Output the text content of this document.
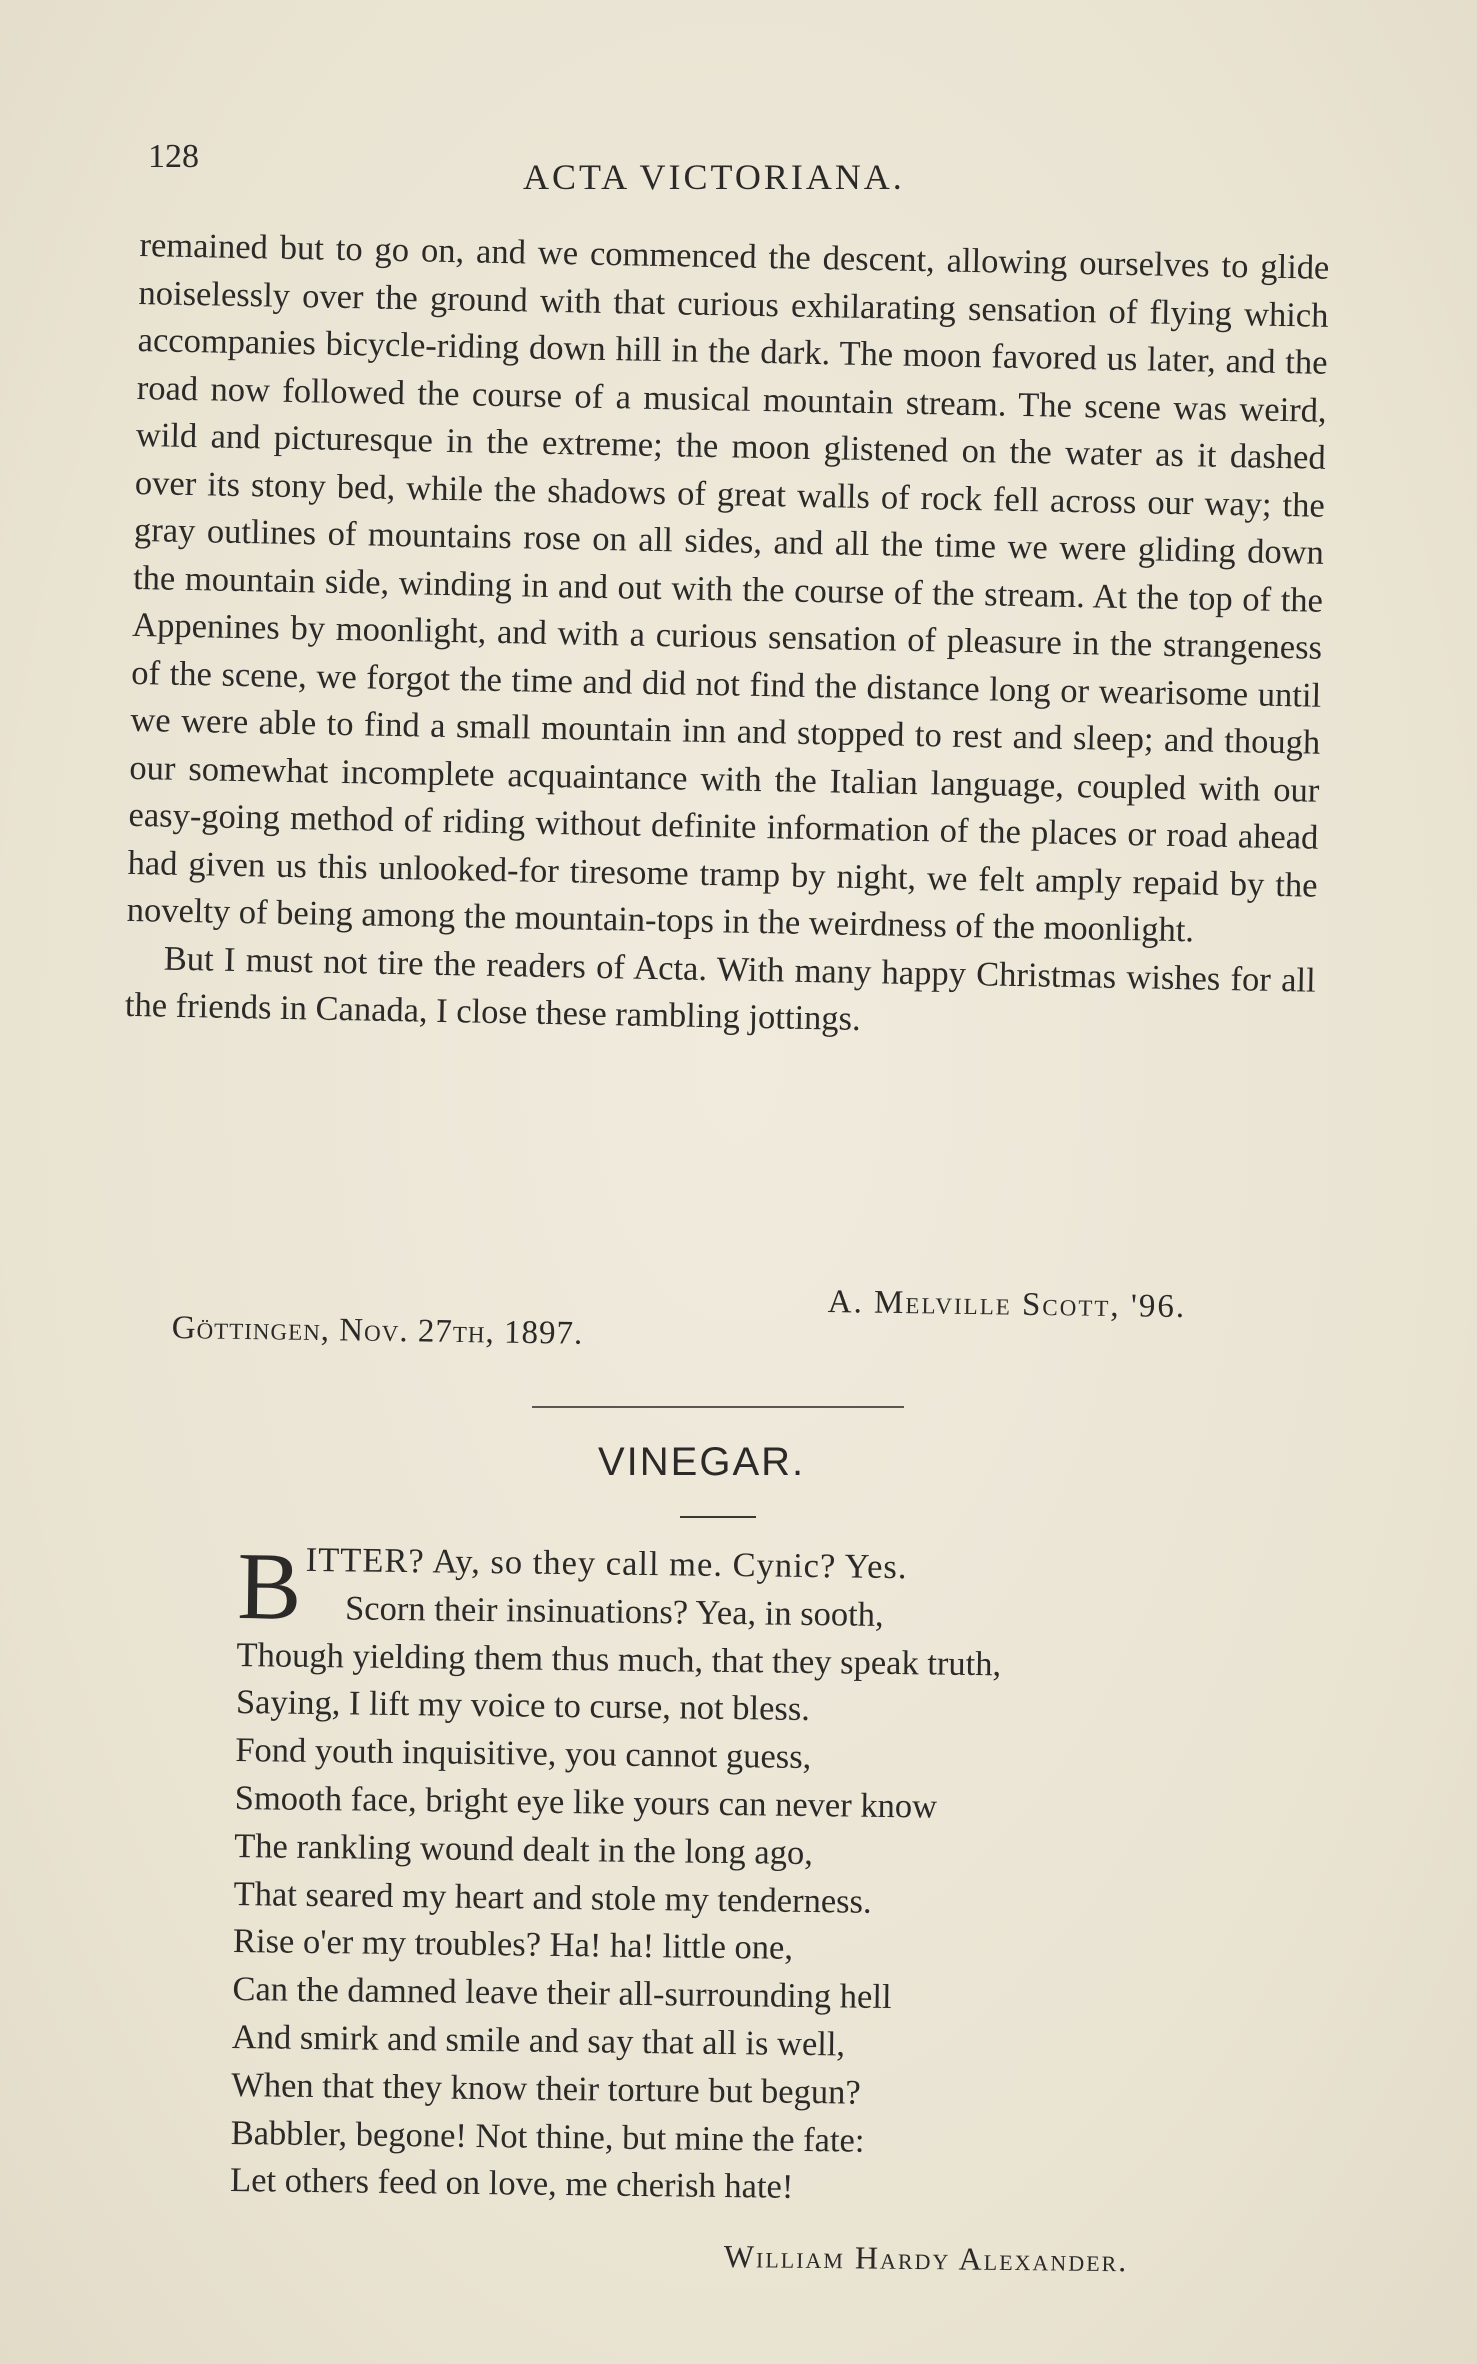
128
ACTA VICTORIANA.

remained but to go on, and we commenced the descent, allowing ourselves to glide noiselessly over the ground with that curious exhilarating sensation of flying which accompanies bicycle-riding down hill in the dark. The moon favored us later, and the road now followed the course of a musical mountain stream. The scene was weird, wild and picturesque in the extreme; the moon glistened on the water as it dashed over its stony bed, while the shadows of great walls of rock fell across our way; the gray outlines of mountains rose on all sides, and all the time we were gliding down the mountain side, winding in and out with the course of the stream. At the top of the Appenines by moonlight, and with a curious sensation of pleasure in the strangeness of the scene, we forgot the time and did not find the distance long or wearisome until we were able to find a small mountain inn and stopped to rest and sleep; and though our somewhat incomplete acquaintance with the Italian language, coupled with our easy-going method of riding without definite information of the places or road ahead had given us this unlooked-for tiresome tramp by night, we felt amply repaid by the novelty of being among the mountain-tops in the weirdness of the moonlight.

But I must not tire the readers of Acta. With many happy Christmas wishes for all the friends in Canada, I close these rambling jottings.

A. Melville Scott, '96.
Göttingen, Nov. 27th, 1897.
VINEGAR.
B ITTER? Ay, so they call me. Cynic? Yes.
Scorn their insinuations? Yea, in sooth,
Though yielding them thus much, that they speak truth,
Saying, I lift my voice to curse, not bless.
Fond youth inquisitive, you cannot guess,
Smooth face, bright eye like yours can never know
The rankling wound dealt in the long ago,
That seared my heart and stole my tenderness.
Rise o'er my troubles? Ha! ha! little one,
Can the damned leave their all-surrounding hell
And smirk and smile and say that all is well,
When that they know their torture but begun?
Babbler, begone! Not thine, but mine the fate:
Let others feed on love, me cherish hate!
William Hardy Alexander.
